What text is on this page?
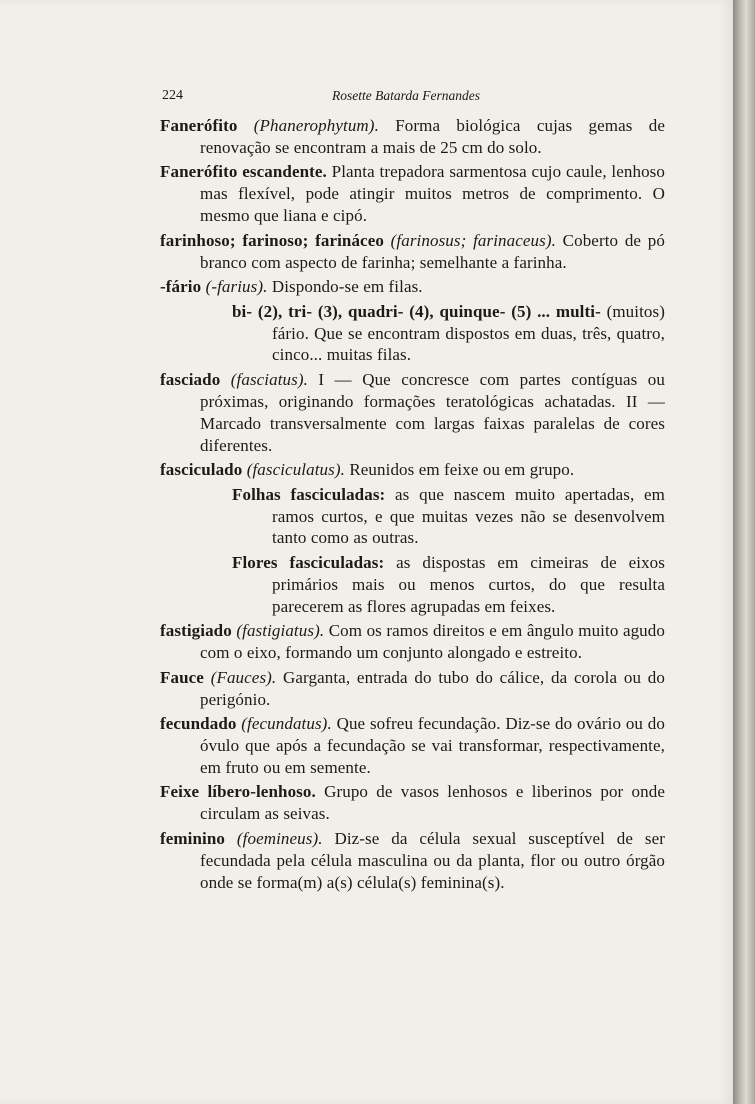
224	Rosette Batarda Fernandes

Fanerófito (Phanerophytum). Forma biológica cujas gemas de renovação se encontram a mais de 25 cm do solo.

Fanerófito escandente. Planta trepadora sarmentosa cujo caule, lenhoso mas flexível, pode atingir muitos metros de comprimento. O mesmo que liana e cipó.

farinhoso; farinoso; farináceo (farinosus; farinaceus). Coberto de pó branco com aspecto de farinha; semelhante a farinha.

-fário (-farius). Dispondo-se em filas.

bi- (2), tri- (3), quadri- (4), quinque- (5) ... multi- (muitos) fário. Que se encontram dispostos em duas, três, quatro, cinco... muitas filas.

fasciado (fasciatus). I — Que concresce com partes contíguas ou próximas, originando formações teratológicas achatadas. II — Marcado transversalmente com largas faixas paralelas de cores diferentes.

fasciculado (fasciculatus). Reunidos em feixe ou em grupo.

Folhas fasciculadas: as que nascem muito apertadas, em ramos curtos, e que muitas vezes não se desenvolvem tanto como as outras.

Flores fasciculadas: as dispostas em cimeiras de eixos primários mais ou menos curtos, do que resulta parecerem as flores agrupadas em feixes.

fastigiado (fastigiatus). Com os ramos direitos e em ângulo muito agudo com o eixo, formando um conjunto alongado e estreito.

Fauce (Fauces). Garganta, entrada do tubo do cálice, da corola ou do perigónio.

fecundado (fecundatus). Que sofreu fecundação. Diz-se do ovário ou do óvulo que após a fecundação se vai transformar, respectivamente, em fruto ou em semente.

Feixe líbero-lenhoso. Grupo de vasos lenhosos e liberinos por onde circulam as seivas.

feminino (foemineus). Diz-se da célula sexual susceptível de ser fecundada pela célula masculina ou da planta, flor ou outro órgão onde se forma(m) a(s) célula(s) feminina(s).
